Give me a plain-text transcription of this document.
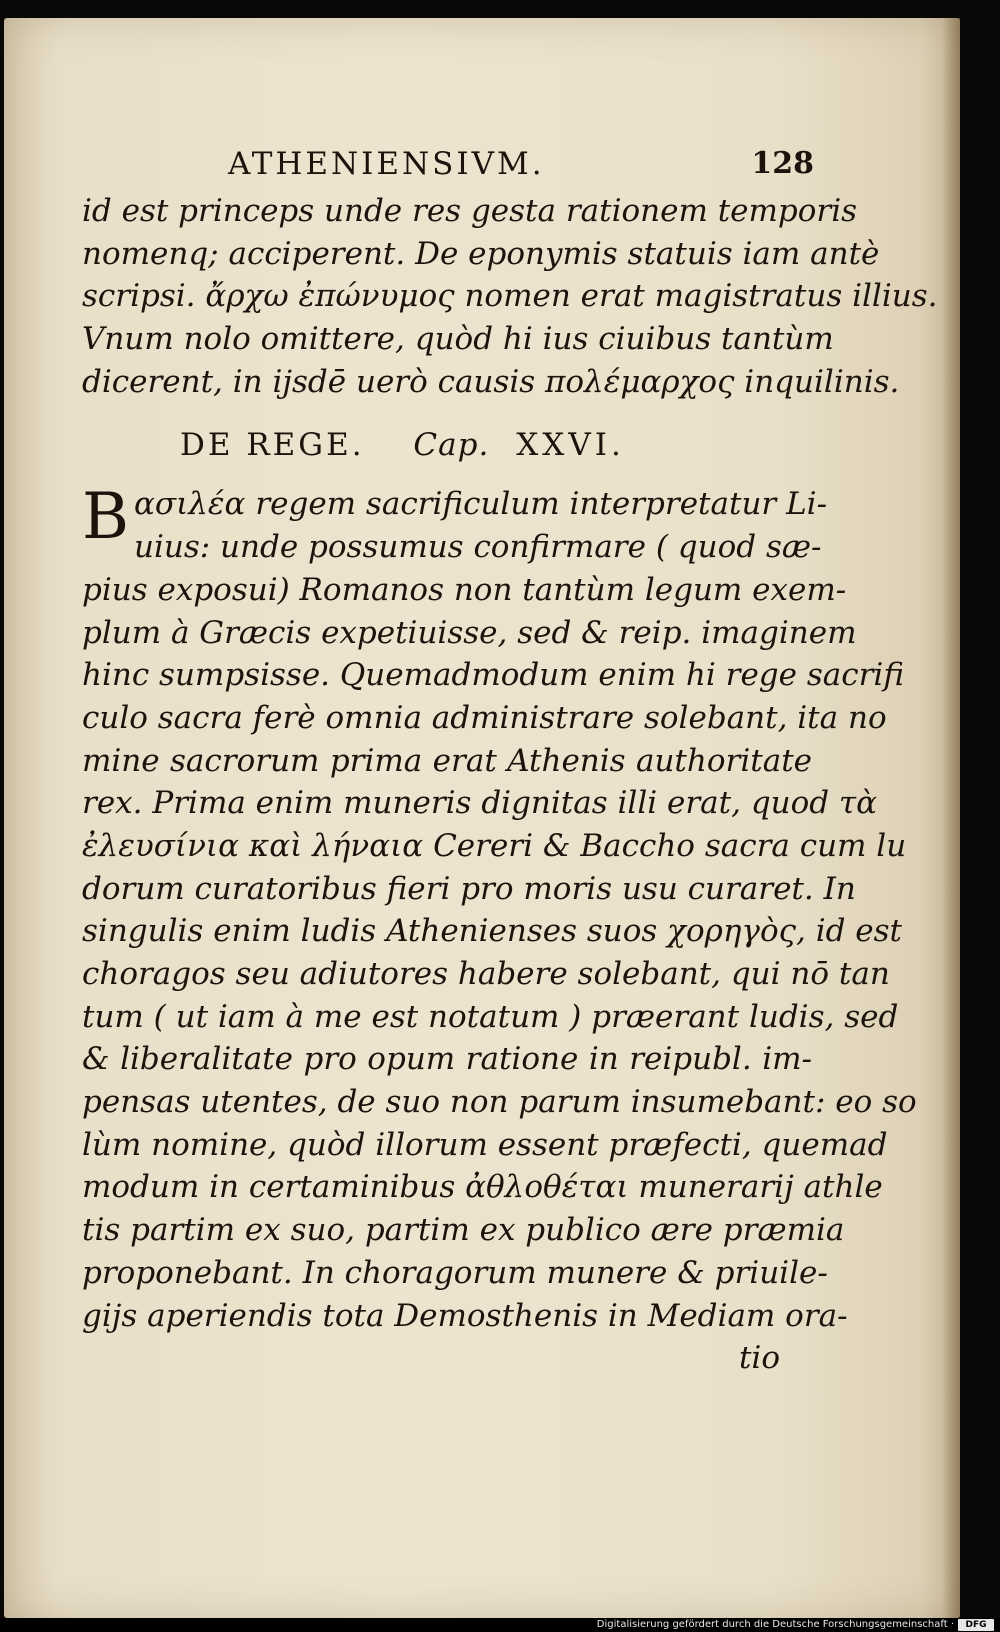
ATHENIENSIVM.	128
id est princeps unde res gesta rationem temporis
nomenq; acciperent. De eponymis statuis iam antè
scripsi. ἄρχω ἐπώνυμος nomen erat magistratus illius.
Vnum nolo omittere, quòd hi ius ciuibus tantùm
dicerent, in ijsdē uerò causis πολέμαρχος inquilinis.
DE REGE. Cap. XXVI.
B ασιλέα regem sacrificulum interpretatur Li-
uius: unde possumus confirmare ( quod sæ-
pius exposui) Romanos non tantùm legum exem-
plum à Græcis expetiuisse, sed & reip. imaginem
hinc sumpsisse. Quemadmodum enim hi rege sacrifi
culo sacra ferè omnia administrare solebant, ita no
mine sacrorum prima erat Athenis authoritate
rex. Prima enim muneris dignitas illi erat, quod τὰ
ἐλευσίνια καὶ λήναια Cereri & Baccho sacra cum lu
dorum curatoribus fieri pro moris usu curaret. In
singulis enim ludis Athenienses suos χορηγὸς, id est
choragos seu adiutores habere solebant, qui nō tan
tum ( ut iam à me est notatum ) præerant ludis, sed
& liberalitate pro opum ratione in reipubl. im-
pensas utentes, de suo non parum insumebant: eo so
lùm nomine, quòd illorum essent præfecti, quemad
modum in certaminibus ἀθλοθέται munerarij athle
tis partim ex suo, partim ex publico ære præmia
proponebant. In choragorum munere & priuile-
gijs aperiendis tota Demosthenis in Mediam ora-
tio
Digitalisierung gefördert durch die Deutsche Forschungsgemeinschaft ·	DFG
